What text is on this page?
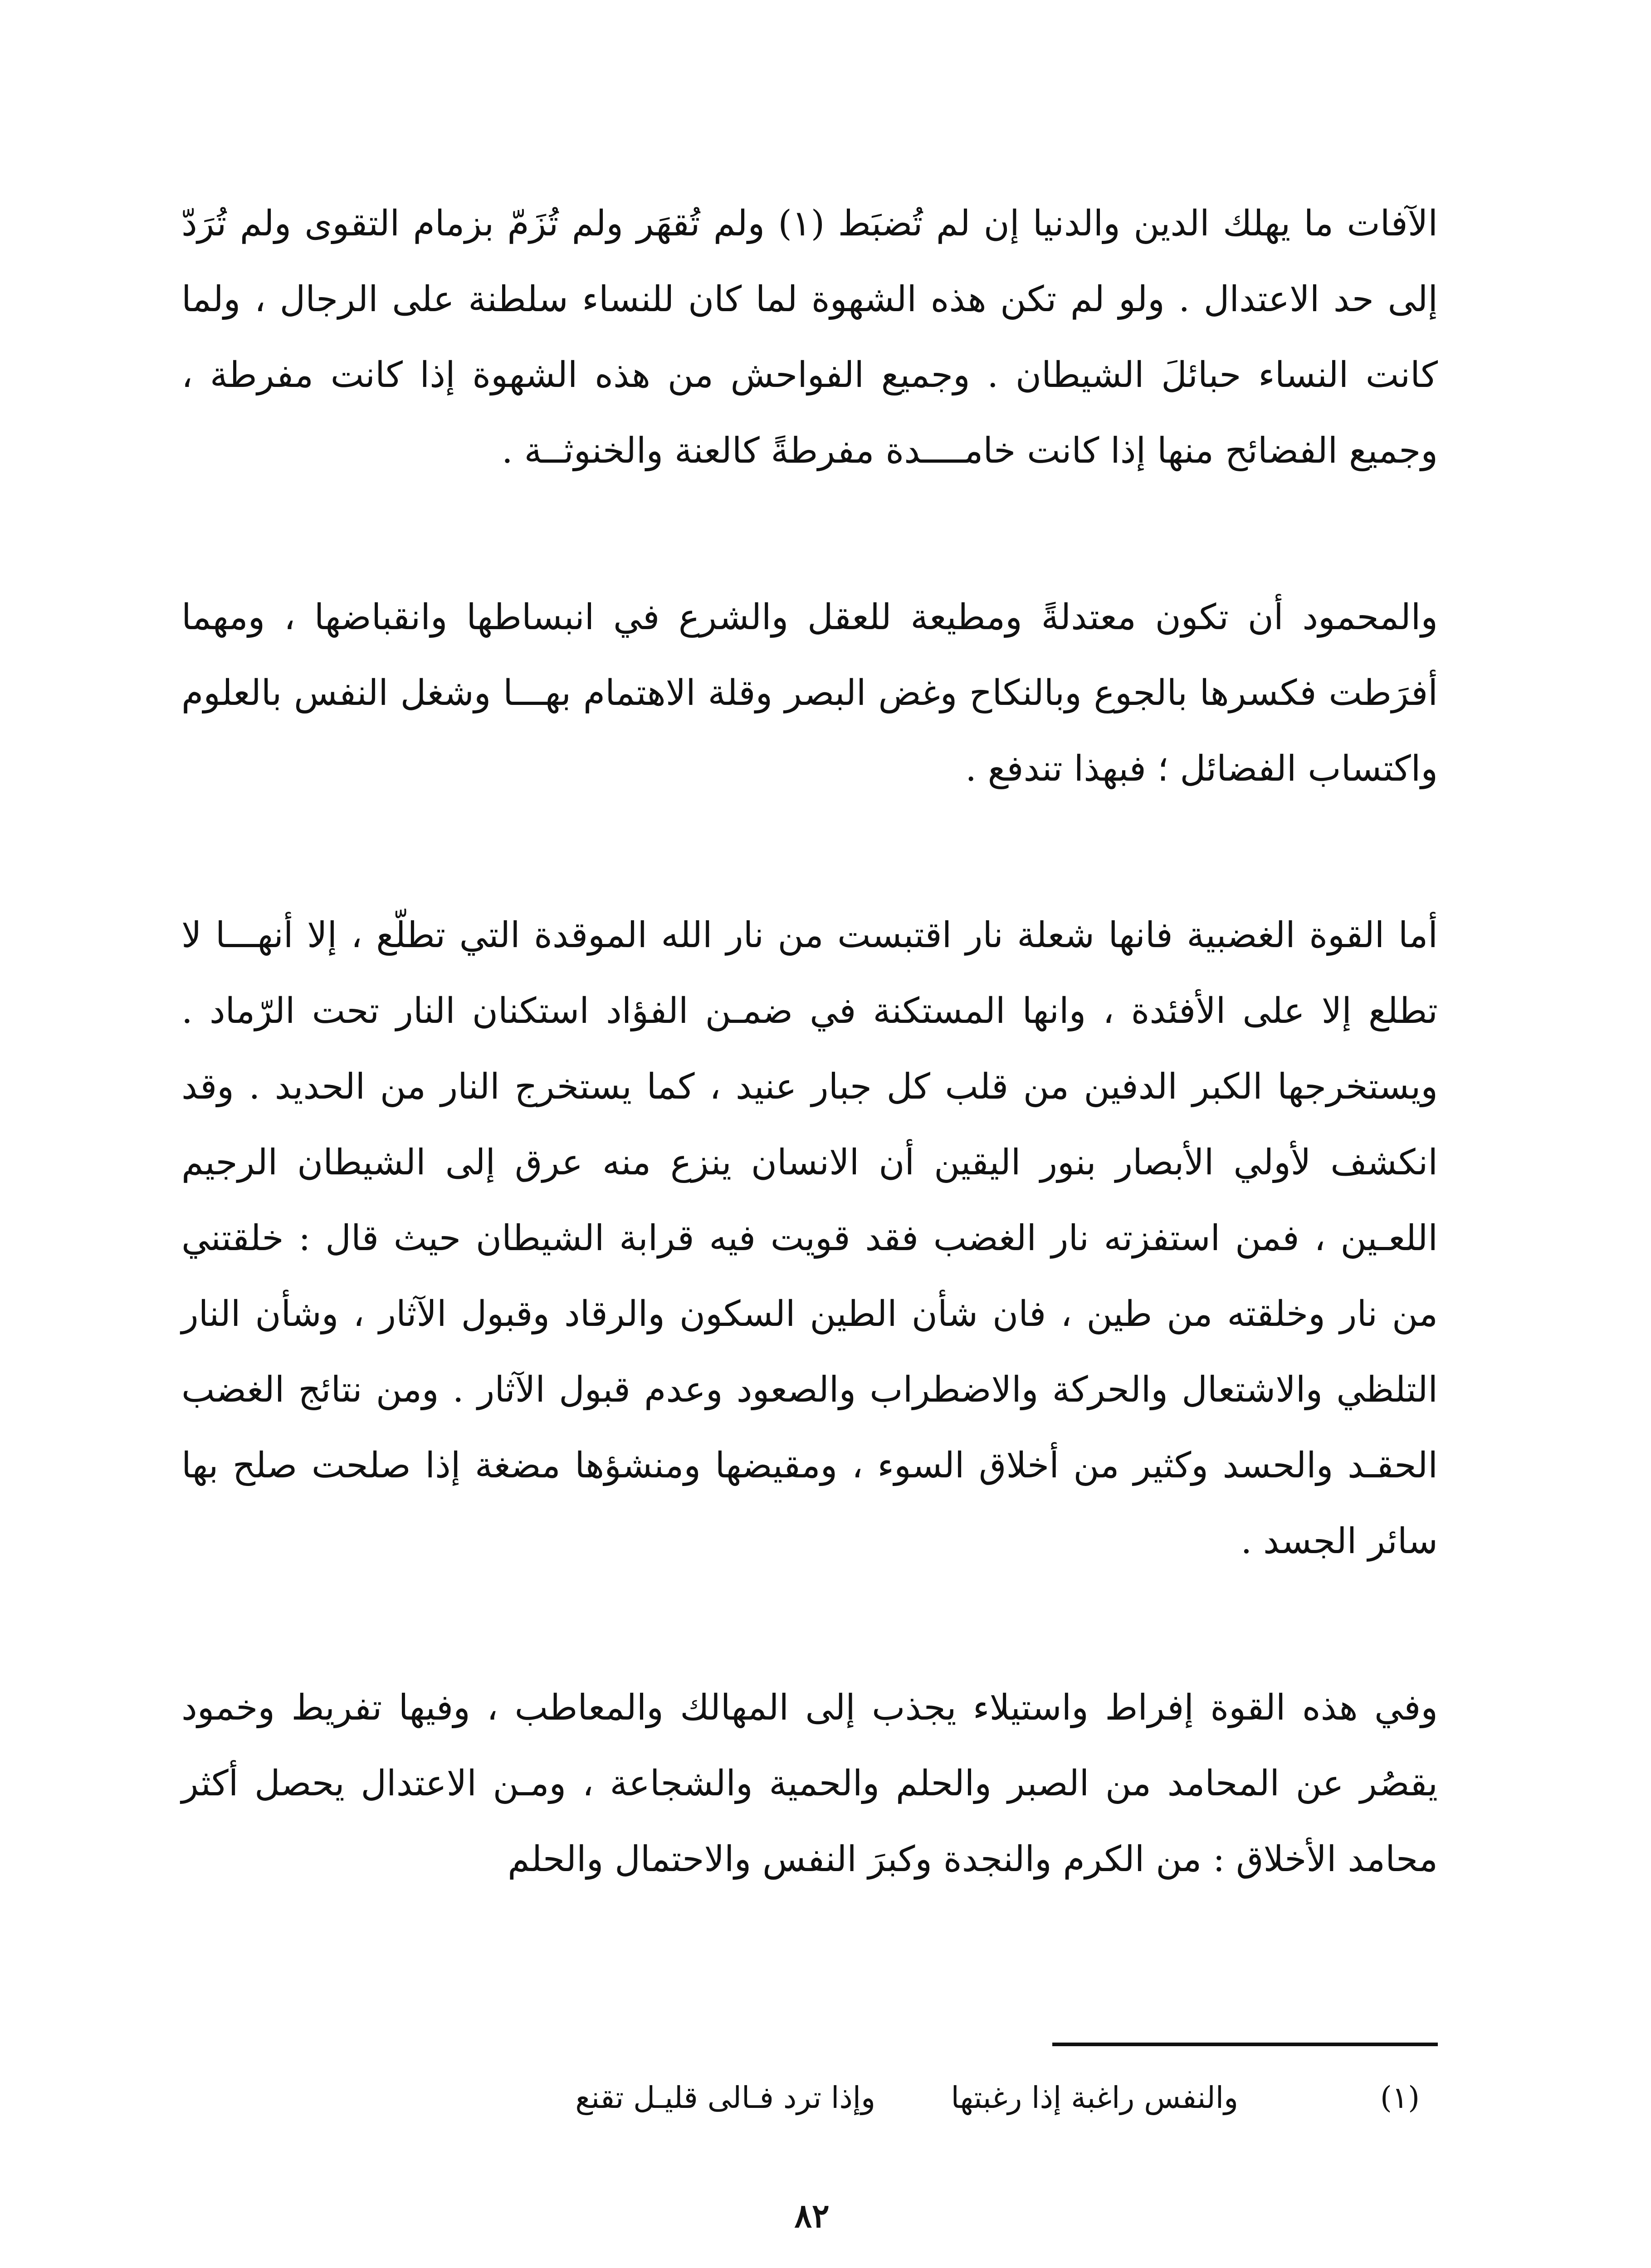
الآفات ما يهلك الدين والدنيا إن لم تُضبَط (١) ولم تُقهَر ولم تُزَمّ بزمام التقوى ولم تُرَدّ إلى حد الاعتدال . ولو لم تكن هذه الشهوة لما كان للنساء سلطنة على الرجال ، ولما كانت النساء حبائلَ الشيطان . وجميع الفواحش من هذه الشهوة إذا كانت مفرطة ، وجميع الفضائح منها إذا كانت خامــــدة مفرطةً كالعنة والخنوثــة .

والمحمود أن تكون معتدلةً ومطيعة للعقل والشرع في انبساطها وانقباضها ، ومهما أفرَطت فكسرها بالجوع وبالنكاح وغض البصر وقلة الاهتمام بهـــا وشغل النفس بالعلوم واكتساب الفضائل ؛ فبهذا تندفع .

أما القوة الغضبية فانها شعلة نار اقتبست من نار الله الموقدة التي تطلّع ، إلا أنهـــا لا تطلع إلا على الأفئدة ، وانها المستكنة في ضمـن الفؤاد استكنان النار تحت الرّماد . ويستخرجها الكبر الدفين من قلب كل جبار عنيد ، كما يستخرج النار من الحديد . وقد انكشف لأولي الأبصار بنور اليقين أن الانسان ينزع منه عرق إلى الشيطان الرجيم اللعـين ، فمن استفزته نار الغضب فقد قويت فيه قرابة الشيطان حيث قال : خلقتني من نار وخلقته من طين ، فان شأن الطين السكون والرقاد وقبول الآثار ، وشأن النار التلظي والاشتعال والحركة والاضطراب والصعود وعدم قبول الآثار . ومن نتائج الغضب الحقـد والحسد وكثير من أخلاق السوء ، ومقيضها ومنشؤها مضغة إذا صلحت صلح بها سائر الجسد .

وفي هذه القوة إفراط واستيلاء يجذب إلى المهالك والمعاطب ، وفيها تفريط وخمود يقصُر عن المحامد من الصبر والحلم والحمية والشجاعة ، ومـن الاعتدال يحصل أكثر محامد الأخلاق : من الكرم والنجدة وكبرَ النفس والاحتمال والحلم

(١)
والنفس راغبة إذا رغبتها
وإذا ترد فـالى قليـل تقنع
٨٢
